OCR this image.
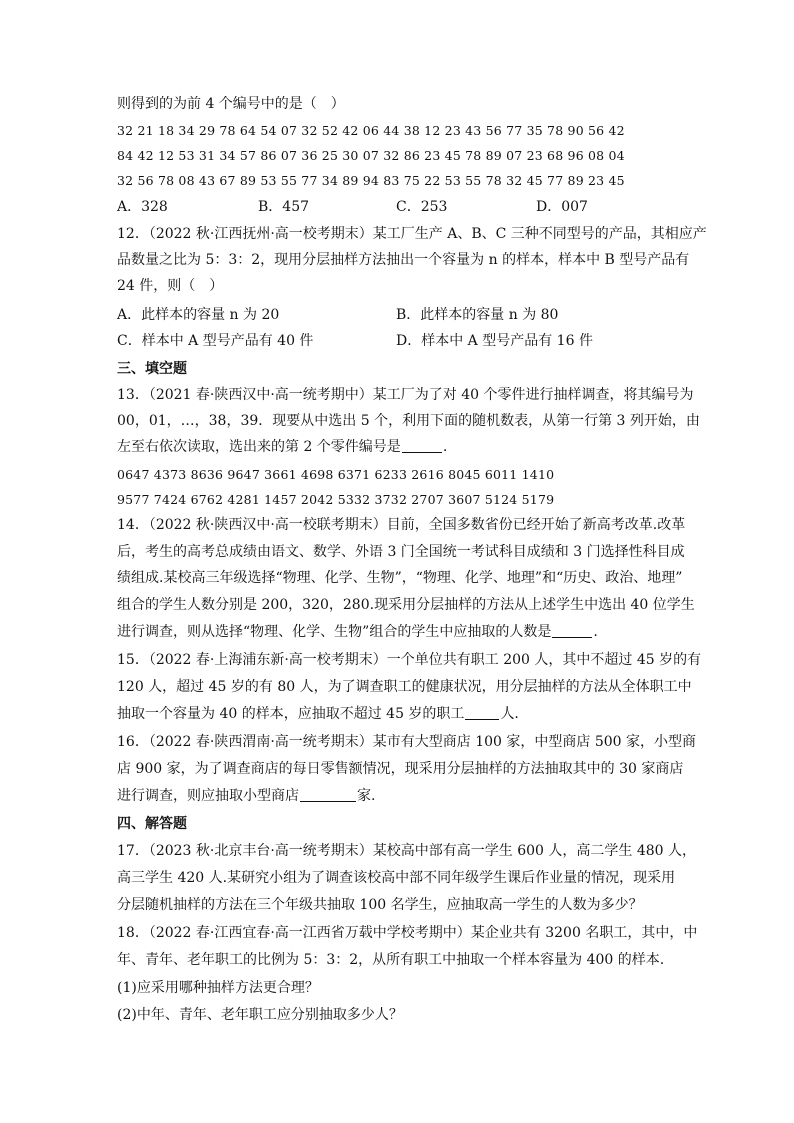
则得到的为前 4 个编号中的是（　）
32 21 18 34 29 78 64 54 07 32 52 42 06 44 38 12 23 43 56 77 35 78 90 56 42
84 42 12 53 31 34 57 86 07 36 25 30 07 32 86 23 45 78 89 07 23 68 96 08 04
32 56 78 08 43 67 89 53 55 77 34 89 94 83 75 22 53 55 78 32 45 77 89 23 45
A．328	B．457	C．253	D．007
12．（2022 秋·江西抚州·高一校考期末）某工厂生产 A、B、C 三种不同型号的产品，其相应产
品数量之比为 5：3：2，现用分层抽样方法抽出一个容量为 n 的样本，样本中 B 型号产品有
24 件，则（　）
A．此样本的容量 n 为 20	B．此样本的容量 n 为 80
C．样本中 A 型号产品有 40 件	D．样本中 A 型号产品有 16 件
三、填空题
13．（2021 春·陕西汉中·高一统考期中）某工厂为了对 40 个零件进行抽样调查，将其编号为
00，01，…，38，39．现要从中选出 5 个，利用下面的随机数表，从第一行第 3 列开始，由
左至右依次读取，选出来的第 2 个零件编号是	.
0647 4373 8636 9647 3661 4698 6371 6233 2616 8045 6011 1410
9577 7424 6762 4281 1457 2042 5332 3732 2707 3607 5124 5179
14．（2022 秋·陕西汉中·高一校联考期末）目前，全国多数省份已经开始了新高考改革.改革
后，考生的高考总成绩由语文、数学、外语 3 门全国统一考试科目成绩和 3 门选择性科目成
绩组成.某校高三年级选择“物理、化学、生物”，“物理、化学、地理”和“历史、政治、地理”
组合的学生人数分别是 200，320，280.现采用分层抽样的方法从上述学生中选出 40 位学生
进行调查，则从选择“物理、化学、生物”组合的学生中应抽取的人数是	.
15．（2022 春·上海浦东新·高一校考期末）一个单位共有职工 200 人，其中不超过 45 岁的有
120 人，超过 45 岁的有 80 人，为了调查职工的健康状况，用分层抽样的方法从全体职工中
抽取一个容量为 40 的样本，应抽取不超过 45 岁的职工	人.
16．（2022 春·陕西渭南·高一统考期末）某市有大型商店 100 家，中型商店 500 家，小型商
店 900 家，为了调查商店的每日零售额情况，现采用分层抽样的方法抽取其中的 30 家商店
进行调查，则应抽取小型商店	家.
四、解答题
17．（2023 秋·北京丰台·高一统考期末）某校高中部有高一学生 600 人，高二学生 480 人，
高三学生 420 人.某研究小组为了调查该校高中部不同年级学生课后作业量的情况，现采用
分层随机抽样的方法在三个年级共抽取 100 名学生，应抽取高一学生的人数为多少？
18．（2022 春·江西宜春·高一江西省万载中学校考期中）某企业共有 3200 名职工，其中，中
年、青年、老年职工的比例为 5：3：2，从所有职工中抽取一个样本容量为 400 的样本.
(1)应采用哪种抽样方法更合理？
(2)中年、青年、老年职工应分别抽取多少人？
